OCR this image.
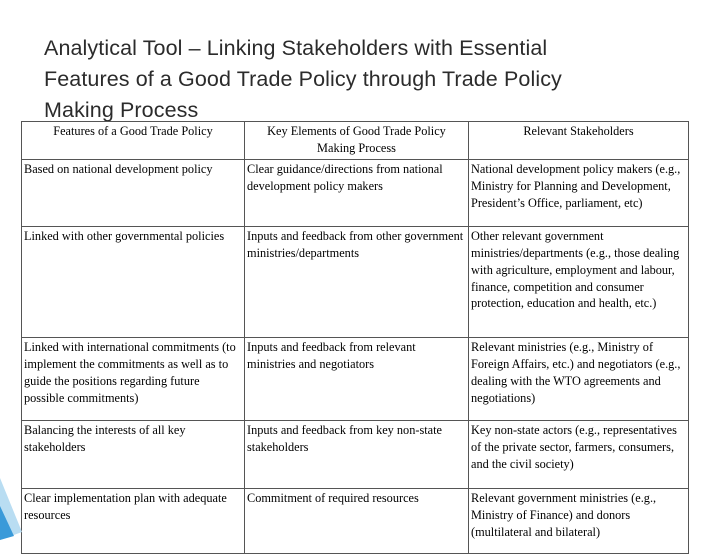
Analytical Tool – Linking Stakeholders with Essential
Features of a Good Trade Policy through Trade Policy
Making Process
Features of a Good Trade Policy	Key Elements of Good Trade Policy Making Process	Relevant Stakeholders
Based on national development policy	Clear guidance/directions from national development policy makers	National development policy makers (e.g., Ministry for Planning and Development, President’s Office, parliament, etc)
Linked with other governmental policies	Inputs and feedback from other government ministries/departments	Other relevant government ministries/departments (e.g., those dealing with agriculture, employment and labour, finance, competition and consumer protection, education and health, etc.)
Linked with international commitments (to implement the commitments as well as to guide the positions regarding future possible commitments)	Inputs and feedback from relevant ministries and negotiators	Relevant ministries (e.g., Ministry of Foreign Affairs, etc.) and negotiators (e.g., dealing with the WTO agreements and negotiations)
Balancing the interests of all key stakeholders	Inputs and feedback from key non-state stakeholders	Key non-state actors (e.g., representatives of the private sector, farmers, consumers, and the civil society)
Clear implementation plan with adequate resources	Commitment of required resources	Relevant government ministries (e.g., Ministry of Finance) and donors (multilateral and bilateral)
